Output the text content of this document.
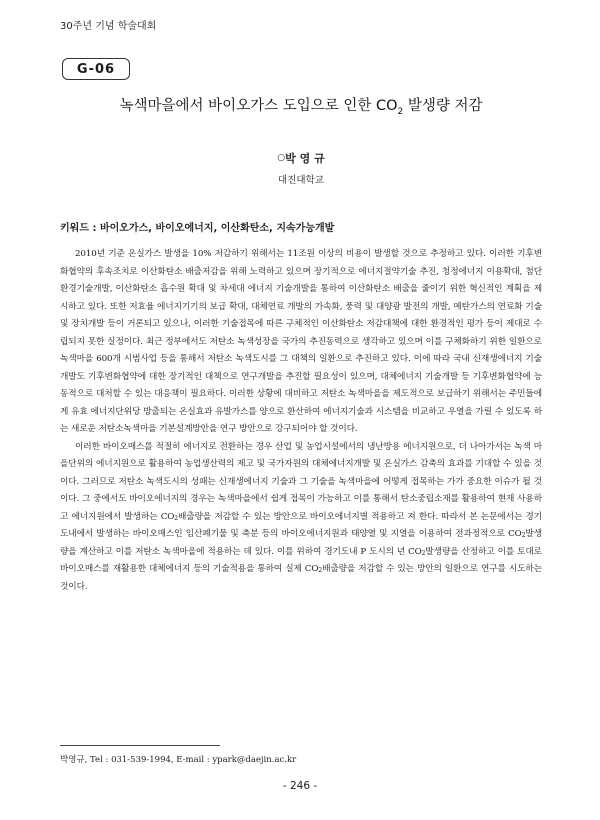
30주년 기념 학술대회
G-06
녹색마을에서 바이오가스 도입으로 인한 $CO_2$ 발생량 저감
○박 영 규
대진대학교
키워드 : 바이오가스, 바이오에너지, 이산화탄소, 지속가능개발

2010년 기준 온실가스 발생을 10% 저감하기 위해서는 11조원 이상의 비용이 발생할 것으로 추정하고 있다. 이러한 기후변화협약의 후속조치로 이산화탄소 배출저감을 위해 노력하고 있으며 장기적으로 에너지절약기술 추진, 청정에너지 이용확대, 첨단 환경기술개발, 이산화탄소 흡수원 확대 및 차세대 에너지 기술개발을 통하여 이산화탄소 배출을 줄이기 위한 혁신적인 계획을 제시하고 있다. 또한 저효율 에너지기기의 보급 확대, 대체연료 개발의 가속화, 풍력 및 대양광 발전의 개발, 메탄가스의 연료화 기술 및 장치개발 등이 거론되고 있으나, 이러한 기술접목에 따른 구체적인 이산화탄소 저감대책에 대한 환경적인 평가 등이 제대로 수립되지 못한 실정이다. 최근 정부에서도 저탄소 녹색성장을 국가의 추진동력으로 생각하고 있으며 이를 구체화하기 위한 일환으로 녹색마을 600개 시범사업 등을 통해서 저탄소 녹색도시를 그 대책의 일환으로 추진하고 있다. 이에 따라 국내 신재생에너지 기술개발도 기후변화협약에 대한 장기적인 대책으로 연구개발을 추진할 필요성이 있으며, 대체에너지 기술개발 등 기후변화협약에 능동적으로 대처할 수 있는 대응책이 필요하다. 이러한 상황에 대비하고 저탄소 녹색마을을 제도적으로 보급하기 위해서는 주민들에게 유효 에너지단위당 방출되는 온실효과 유발가스를 양으로 환산하여 에너지기술과 시스템을 비교하고 우열을 가릴 수 있도록 하는 새로운 저탄소녹색마을 기본설계방안을 연구 방안으로 강구되어야 할 것이다.

이러한 바이오매스를 적절히 에너지로 전환하는 경우 산업 및 농업시설에서의 냉난방용 에너지원으로, 더 나아가서는 녹색 마을단위의 에너지원으로 활용하여 농업생산력의 제고 및 국가자원의 대체에너지개발 및 온실가스 감축의 효과를 기대할 수 있을 것이다. 그러므로 저탄소 녹색도시의 성패는 신재생에너지 기술과 그 기술을 녹색마을에 어떻게 접목하는 가가 중요한 이슈가 될 것이다. 그 중에서도 바이오에너지의 경우는 녹색마을에서 쉽게 접목이 가능하고 이를 통해서 탄소중립소재를 활용하여 현재 사용하고 에너지원에서 발생하는 $CO_2$배출량을 저감할 수 있는 방안으로 바이오에너지별 적용하고 져 한다. 따라서 본 논문에서는 경기도내에서 발생하는 바이오매스인 임산폐기물 및 축분 등의 바이오에너지원과 태양열 및 지열을 이용하여 전과정적으로 $CO_2$발생량을 계산하고 이를 저탄소 녹색마을에 적용하는 데 있다. 이를 위하여 경기도내 P 도시의 년 $CO_2$발생량을 산정하고 이를 토대로 바이오매스를 재활용한 대체에너지 등의 기술적용을 통하여 실제 $CO_2$배출량을 저감할 수 있는 방안의 일환으로 연구를 시도하는 것이다.

박영규, Tel : 031-539-1994, E-mail : ypark@daejin.ac.kr
- 246 -
